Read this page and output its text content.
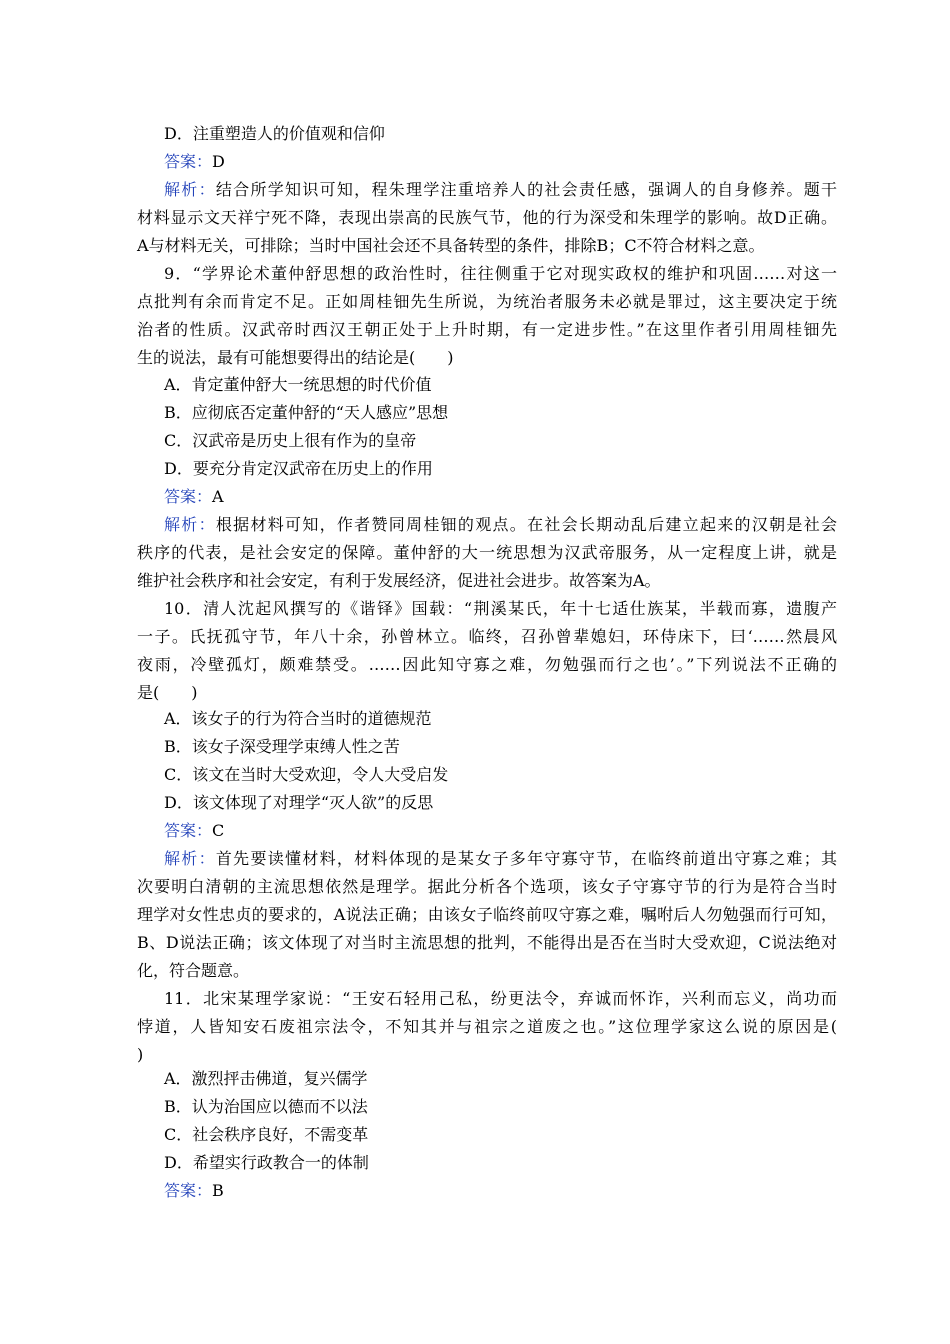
D．注重塑造人的价值观和信仰
答案：D
解析：结合所学知识可知，程朱理学注重培养人的社会责任感，强调人的自身修养。题干
材料显示文天祥宁死不降，表现出崇高的民族气节，他的行为深受和朱理学的影响。故D正确。
A与材料无关，可排除；当时中国社会还不具备转型的条件，排除B；C不符合材料之意。
9．“学界论术董仲舒思想的政治性时，往往侧重于它对现实政权的维护和巩固……对这一
点批判有余而肯定不足。正如周桂钿先生所说，为统治者服务未必就是罪过，这主要决定于统
治者的性质。汉武帝时西汉王朝正处于上升时期，有一定进步性。”在这里作者引用周桂钿先
生的说法，最有可能想要得出的结论是(　　)
A．肯定董仲舒大一统思想的时代价值
B．应彻底否定董仲舒的“天人感应”思想
C．汉武帝是历史上很有作为的皇帝
D．要充分肯定汉武帝在历史上的作用
答案：A
解析：根据材料可知，作者赞同周桂钿的观点。在社会长期动乱后建立起来的汉朝是社会
秩序的代表，是社会安定的保障。董仲舒的大一统思想为汉武帝服务，从一定程度上讲，就是
维护社会秩序和社会安定，有利于发展经济，促进社会进步。故答案为A。
10．清人沈起风撰写的《谐铎》国载：“荆溪某氏，年十七适仕族某，半载而寡，遗腹产
一子。氏抚孤守节，年八十余，孙曾林立。临终，召孙曾辈媳妇，环侍床下，曰‘……然晨风
夜雨，冷壁孤灯，颇难禁受。……因此知守寡之难，勿勉强而行之也’。”下列说法不正确的
是(　　)
A．该女子的行为符合当时的道德规范
B．该女子深受理学束缚人性之苦
C．该文在当时大受欢迎，令人大受启发
D．该文体现了对理学“灭人欲”的反思
答案：C
解析：首先要读懂材料，材料体现的是某女子多年守寡守节，在临终前道出守寡之难；其
次要明白清朝的主流思想依然是理学。据此分析各个选项，该女子守寡守节的行为是符合当时
理学对女性忠贞的要求的，A说法正确；由该女子临终前叹守寡之难，嘱咐后人勿勉强而行可知，
B、D说法正确；该文体现了对当时主流思想的批判，不能得出是否在当时大受欢迎，C说法绝对
化，符合题意。
11．北宋某理学家说：“王安石轻用己私，纷更法令，弃诚而怀诈，兴利而忘义，尚功而
悖道，人皆知安石废祖宗法令，不知其并与祖宗之道废之也。”这位理学家这么说的原因是(
)
A．激烈抨击佛道，复兴儒学
B．认为治国应以德而不以法
C．社会秩序良好，不需变革
D．希望实行政教合一的体制
答案：B
